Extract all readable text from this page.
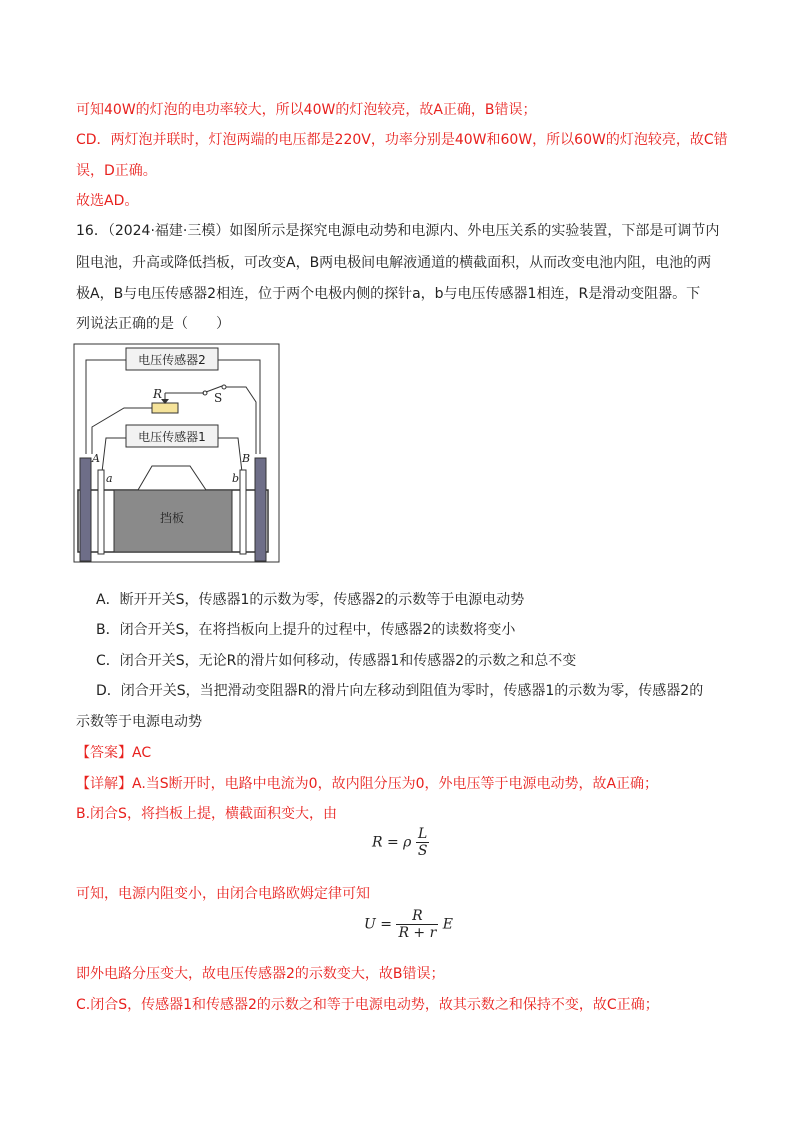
可知40W的灯泡的电功率较大，所以40W的灯泡较亮，故A正确，B错误；
CD．两灯泡并联时，灯泡两端的电压都是220V，功率分别是40W和60W，所以60W的灯泡较亮，故C错
误，D正确。
故选AD。
16．（2024·福建·三模）如图所示是探究电源电动势和电源内、外电压关系的实验装置，下部是可调节内
阻电池，升高或降低挡板，可改变A，B两电极间电解液通道的横截面积，从而改变电池内阻，电池的两
极A，B与电压传感器2相连，位于两个电极内侧的探针a，b与电压传感器1相连，R是滑动变阻器。下
列说法正确的是（　　）
电压传感器2
电压传感器1
R	S
挡板
A	B
a	b
A．断开开关S，传感器1的示数为零，传感器2的示数等于电源电动势
B．闭合开关S，在将挡板向上提升的过程中，传感器2的读数将变小
C．闭合开关S，无论R的滑片如何移动，传感器1和传感器2的示数之和总不变
D．闭合开关S，当把滑动变阻器R的滑片向左移动到阻值为零时，传感器1的示数为零，传感器2的
示数等于电源电动势
【答案】AC
【详解】A.当S断开时，电路中电流为0，故内阻分压为0，外电压等于电源电动势，故A正确；
B.闭合S，将挡板上提，横截面积变大，由
R = ρ $\frac{L}{S}$
可知，电源内阻变小，由闭合电路欧姆定律可知
$U = \frac{R}{R + r}$ E
即外电路分压变大，故电压传感器2的示数变大，故B错误；
C.闭合S，传感器1和传感器2的示数之和等于电源电动势，故其示数之和保持不变，故C正确；
